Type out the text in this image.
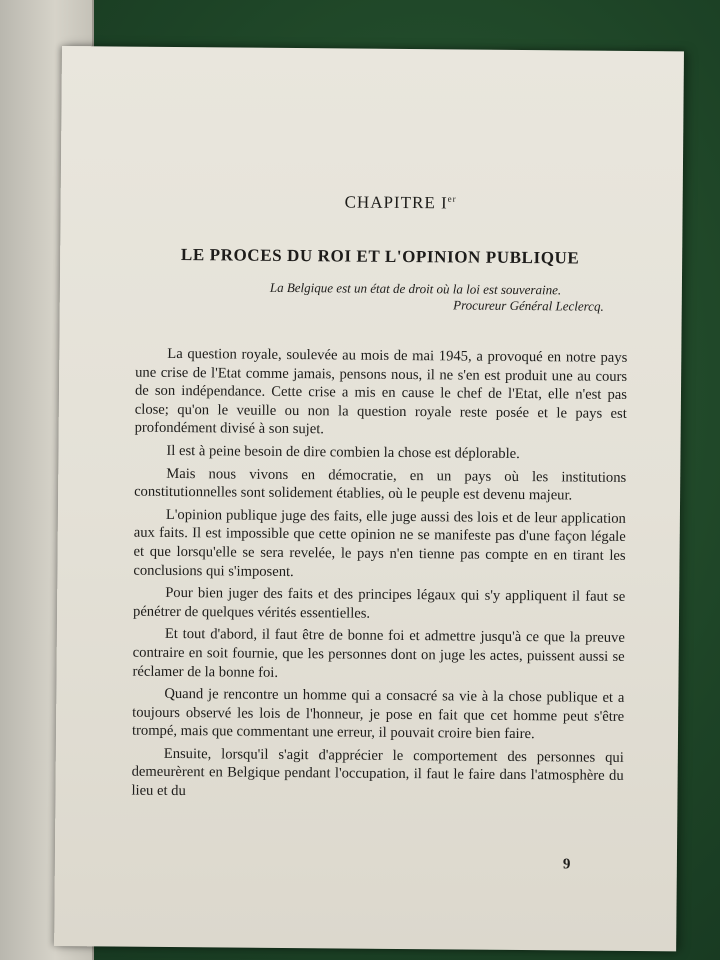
CHAPITRE Ier
LE PROCES DU ROI ET L'OPINION PUBLIQUE
La Belgique est un état de droit où la loi est souveraine.
Procureur Général Leclercq.

La question royale, soulevée au mois de mai 1945, a provoqué en notre pays une crise de l'Etat comme jamais, pensons nous, il ne s'en est produit une au cours de son indépendance. Cette crise a mis en cause le chef de l'Etat, elle n'est pas close; qu'on le veuille ou non la question royale reste posée et le pays est profondément divisé à son sujet.

Il est à peine besoin de dire combien la chose est déplorable.

Mais nous vivons en démocratie, en un pays où les institutions constitutionnelles sont solidement établies, où le peuple est devenu majeur.

L'opinion publique juge des faits, elle juge aussi des lois et de leur application aux faits. Il est impossible que cette opinion ne se manifeste pas d'une façon légale et que lorsqu'elle se sera revelée, le pays n'en tienne pas compte en en tirant les conclusions qui s'imposent.

Pour bien juger des faits et des principes légaux qui s'y appliquent il faut se pénétrer de quelques vérités essentielles.

Et tout d'abord, il faut être de bonne foi et admettre jusqu'à ce que la preuve contraire en soit fournie, que les personnes dont on juge les actes, puissent aussi se réclamer de la bonne foi.

Quand je rencontre un homme qui a consacré sa vie à la chose publique et a toujours observé les lois de l'honneur, je pose en fait que cet homme peut s'être trompé, mais que commentant une erreur, il pouvait croire bien faire.

Ensuite, lorsqu'il s'agit d'apprécier le comportement des personnes qui demeurèrent en Belgique pendant l'occupation, il faut le faire dans l'atmosphère du lieu et du

9
